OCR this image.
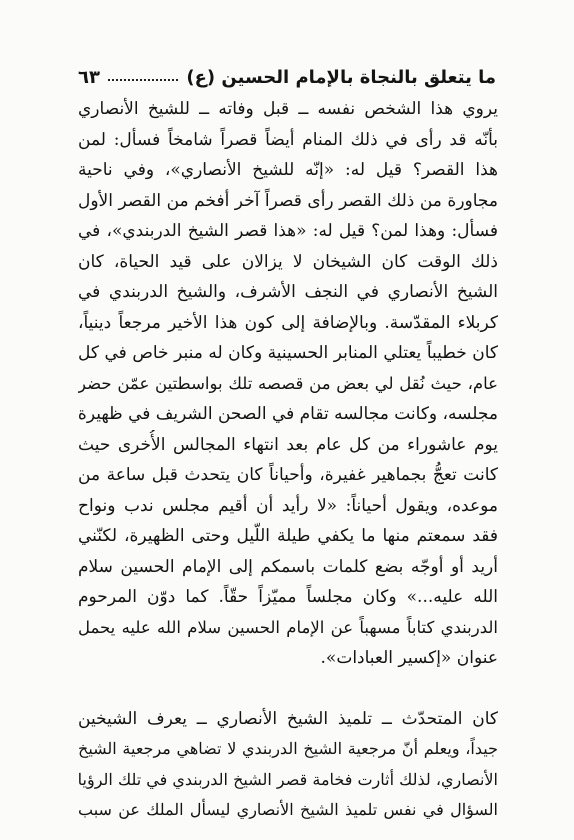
ما يتعلق بالنجاة بالإمام الحسين (ع)
٦٣
يروي هذا الشخص نفسه ــ قبل وفاته ــ للشيخ الأنصاري
بأنّه قد رأى في ذلك المنام أيضاً قصراً شامخاً فسأل: لمن
هذا القصر؟ قيل له: «إنّه للشيخ الأنصاري»، وفي ناحية
مجاورة من ذلك القصر رأى قصراً آخر أفخم من القصر الأول
فسأل: وهذا لمن؟ قيل له: «هذا قصر الشيخ الدربندي»، في
ذلك الوقت كان الشيخان لا يزالان على قيد الحياة، كان
الشيخ الأنصاري في النجف الأشرف، والشيخ الدربندي في
كربلاء المقدّسة. وبالإضافة إلى كون هذا الأخير مرجعاً دينياً،
كان خطيباً يعتلي المنابر الحسينية وكان له منبر خاص في كل
عام، حيث نُقل لي بعض من قصصه تلك بواسطتين عمّن حضر
مجلسه، وكانت مجالسه تقام في الصحن الشريف في ظهيرة
يوم عاشوراء من كل عام بعد انتهاء المجالس الأُخرى حيث
كانت تعجُّ بجماهير غفيرة، وأحياناً كان يتحدث قبل ساعة من
موعده، ويقول أحياناً: «لا رأيد أن أقيم مجلس ندب ونواح
فقد سمعتم منها ما يكفي طيلة اللّيل وحتى الظهيرة، لكنّني
أريد أو أوجّه بضع كلمات باسمكم إلى الإمام الحسين سلام
الله عليه...» وكان مجلساً مميّزاً حقّاً. كما دوّن المرحوم
الدربندي كتاباً مسهباً عن الإمام الحسين سلام الله عليه يحمل
عنوان «إكسير العبادات».
كان المتحدّث ــ تلميذ الشيخ الأنصاري ــ يعرف الشيخين
جيداً، ويعلم أنّ مرجعية الشيخ الدربندي لا تضاهي مرجعية الشيخ
الأنصاري، لذلك أثارت فخامة قصر الشيخ الدربندي في تلك الرؤيا
السؤال في نفس تلميذ الشيخ الأنصاري ليسأل الملك عن سبب
